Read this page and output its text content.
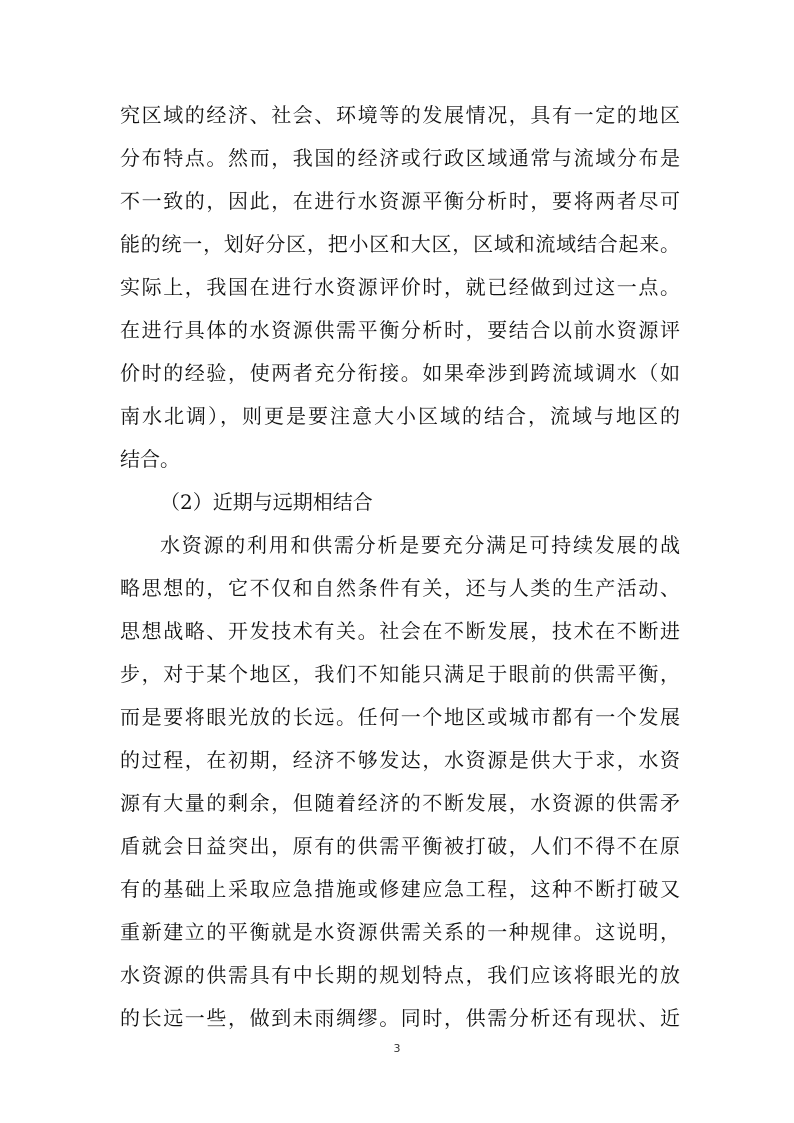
究区域的经济、社会、环境等的发展情况，具有一定的地区
分布特点。然而，我国的经济或行政区域通常与流域分布是
不一致的，因此，在进行水资源平衡分析时，要将两者尽可
能的统一，划好分区，把小区和大区，区域和流域结合起来。
实际上，我国在进行水资源评价时，就已经做到过这一点。
在进行具体的水资源供需平衡分析时，要结合以前水资源评
价时的经验，使两者充分衔接。如果牵涉到跨流域调水（如
南水北调），则更是要注意大小区域的结合，流域与地区的
结合。
（2）近期与远期相结合
水资源的利用和供需分析是要充分满足可持续发展的战
略思想的，它不仅和自然条件有关，还与人类的生产活动、
思想战略、开发技术有关。社会在不断发展，技术在不断进
步，对于某个地区，我们不知能只满足于眼前的供需平衡，
而是要将眼光放的长远。任何一个地区或城市都有一个发展
的过程，在初期，经济不够发达，水资源是供大于求，水资
源有大量的剩余，但随着经济的不断发展，水资源的供需矛
盾就会日益突出，原有的供需平衡被打破，人们不得不在原
有的基础上采取应急措施或修建应急工程，这种不断打破又
重新建立的平衡就是水资源供需关系的一种规律。这说明，
水资源的供需具有中长期的规划特点，我们应该将眼光的放
的长远一些，做到未雨绸缪。同时，供需分析还有现状、近
3
